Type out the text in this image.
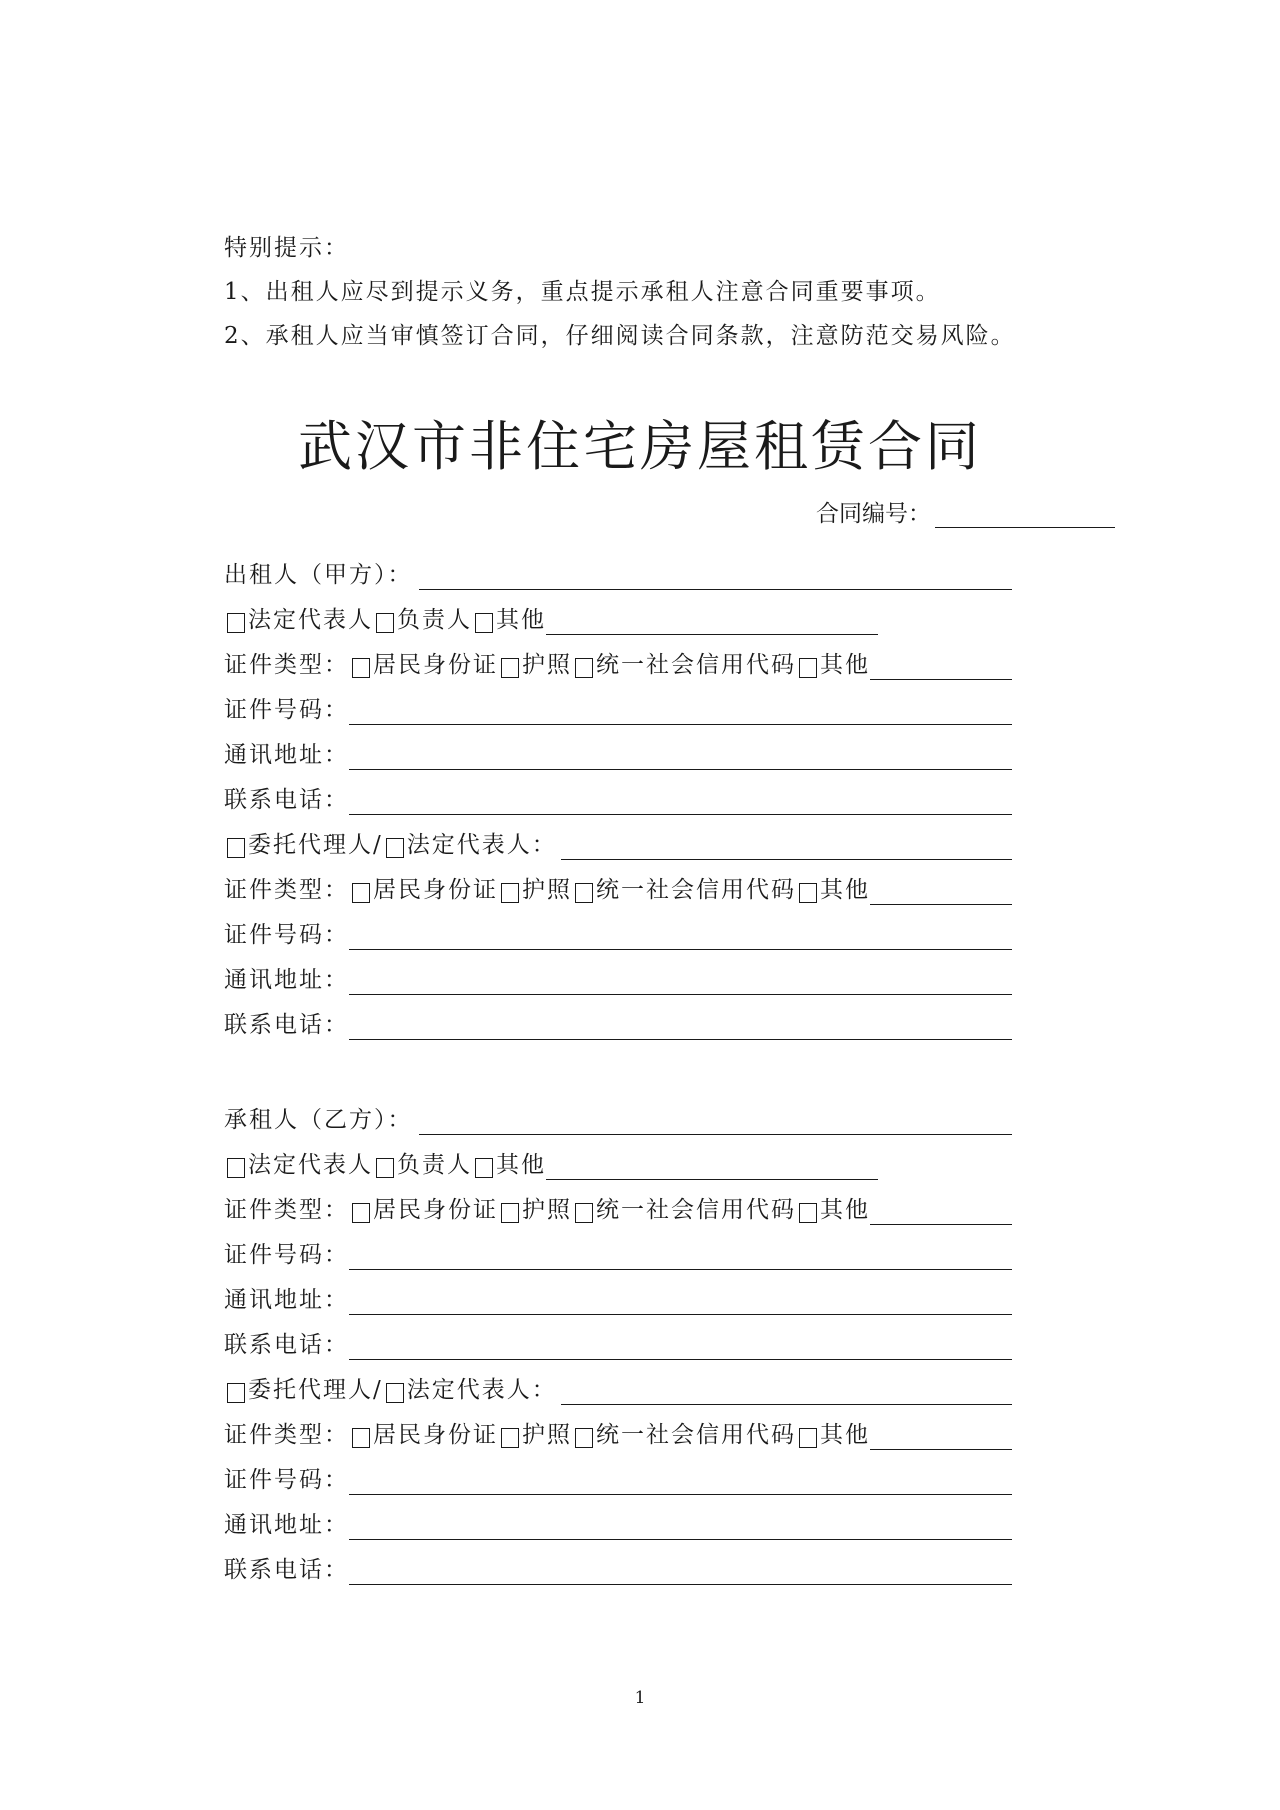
特别提示：
1、出租人应尽到提示义务，重点提示承租人注意合同重要事项。
2、承租人应当审慎签订合同，仔细阅读合同条款，注意防范交易风险。
武汉市非住宅房屋租赁合同
合同编号：
出租人（甲方）：
法定代表人 负责人 其他
证件类型： 居民身份证 护照 统一社会信用代码 其他
证件号码：
通讯地址：
联系电话：
委托代理人/ 法定代表人：
证件类型： 居民身份证 护照 统一社会信用代码 其他
证件号码：
通讯地址：
联系电话：
承租人（乙方）：
法定代表人 负责人 其他
证件类型： 居民身份证 护照 统一社会信用代码 其他
证件号码：
通讯地址：
联系电话：
委托代理人/ 法定代表人：
证件类型： 居民身份证 护照 统一社会信用代码 其他
证件号码：
通讯地址：
联系电话：
1
